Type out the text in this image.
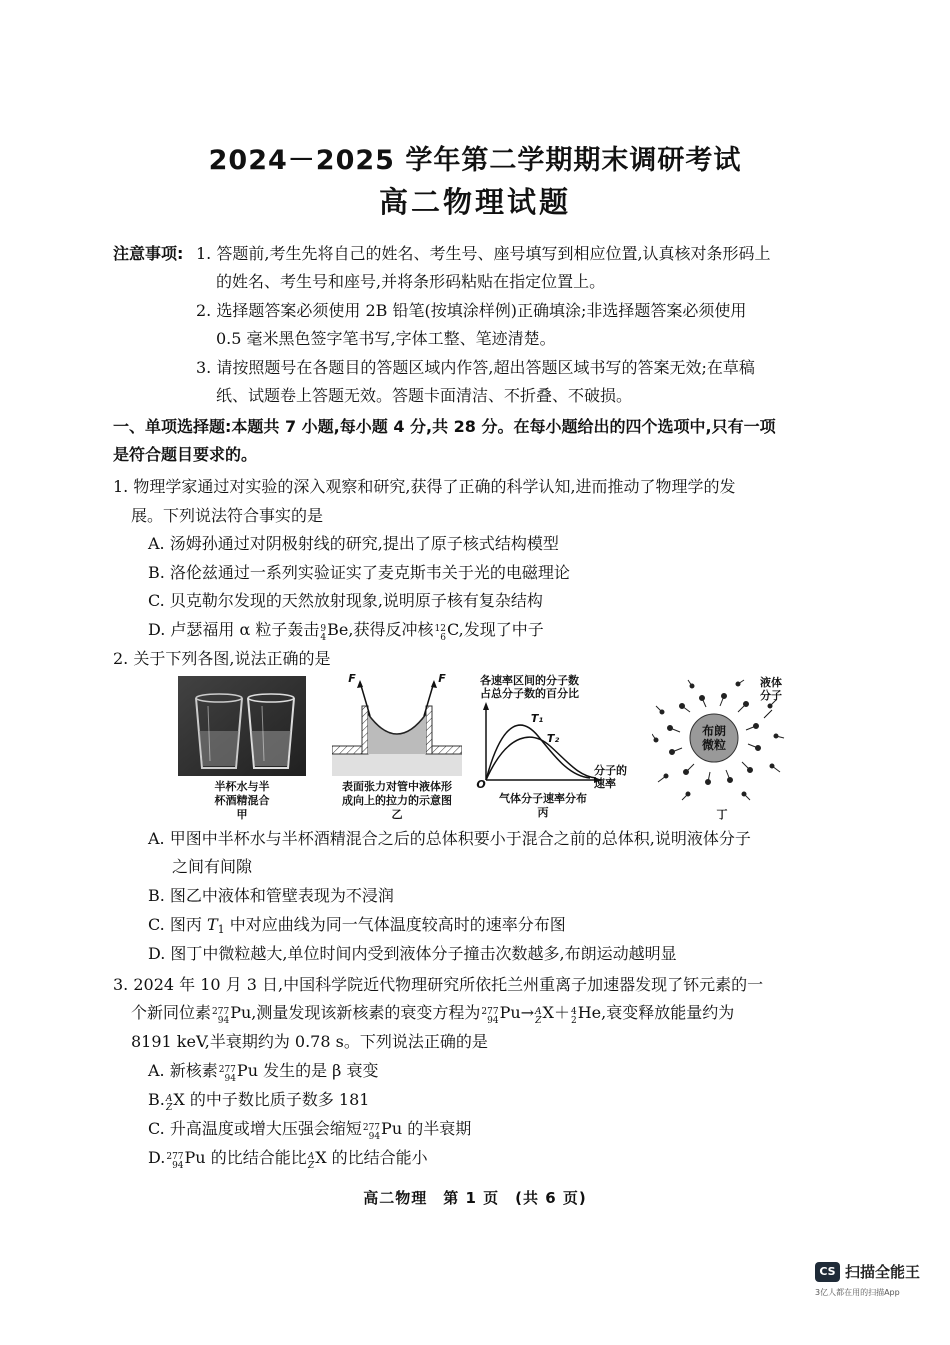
2024－2025 学年第二学期期末调研考试
高二物理试题
注意事项: 1. 答题前,考生先将自己的姓名、考生号、座号填写到相应位置,认真核对条形码上
的姓名、考生号和座号,并将条形码粘贴在指定位置上。
2. 选择题答案必须使用 2B 铅笔(按填涂样例)正确填涂;非选择题答案必须使用
0.5 毫米黑色签字笔书写,字体工整、笔迹清楚。
3. 请按照题号在各题目的答题区域内作答,超出答题区域书写的答案无效;在草稿
纸、试题卷上答题无效。答题卡面清洁、不折叠、不破损。
一、单项选择题:本题共 7 小题,每小题 4 分,共 28 分。在每小题给出的四个选项中,只有一项
是符合题目要求的。
1. 物理学家通过对实验的深入观察和研究,获得了正确的科学认知,进而推动了物理学的发
展。下列说法符合事实的是
A. 汤姆孙通过对阴极射线的研究,提出了原子核式结构模型
B. 洛伦兹通过一系列实验证实了麦克斯韦关于光的电磁理论
C. 贝克勒尔发现的天然放射现象,说明原子核有复杂结构
D. 卢瑟福用 α 粒子轰击 9
4 Be,获得反冲核 12
6 C,发现了中子
2. 关于下列各图,说法正确的是
半杯水与半
杯酒精混合
甲
F	F
表面张力对管中液体形
成向上的拉力的示意图
乙
各速率区间的分子数
占总分子数的百分比
T₁
T₂
分子的
速率
O
气体分子速率分布
丙
液体
分子
布朗
微粒
丁
A. 甲图中半杯水与半杯酒精混合之后的总体积要小于混合之前的总体积,说明液体分子
之间有间隙
B. 图乙中液体和管壁表现为不浸润
C. 图丙 $T_1$ 中对应曲线为同一气体温度较高时的速率分布图
D. 图丁中微粒越大,单位时间内受到液体分子撞击次数越多,布朗运动越明显
3. 2024 年 10 月 3 日,中国科学院近代物理研究所依托兰州重离子加速器发现了钚元素的一
个新同位素 277
94 Pu,测量发现该新核素的衰变方程为 277
94 Pu→ A
Z X＋ 4
2 He,衰变释放能量约为
8191 keV,半衰期约为 0.78 s。下列说法正确的是
A. 新核素 277
94 Pu 发生的是 β 衰变
B. A
Z X 的中子数比质子数多 181
C. 升高温度或增大压强会缩短 277
94 Pu 的半衰期
D. 277
94 Pu 的比结合能比 A
Z X 的比结合能小
高二物理　第 1 页　(共 6 页)
CS 扫描全能王
3亿人都在用的扫描App
